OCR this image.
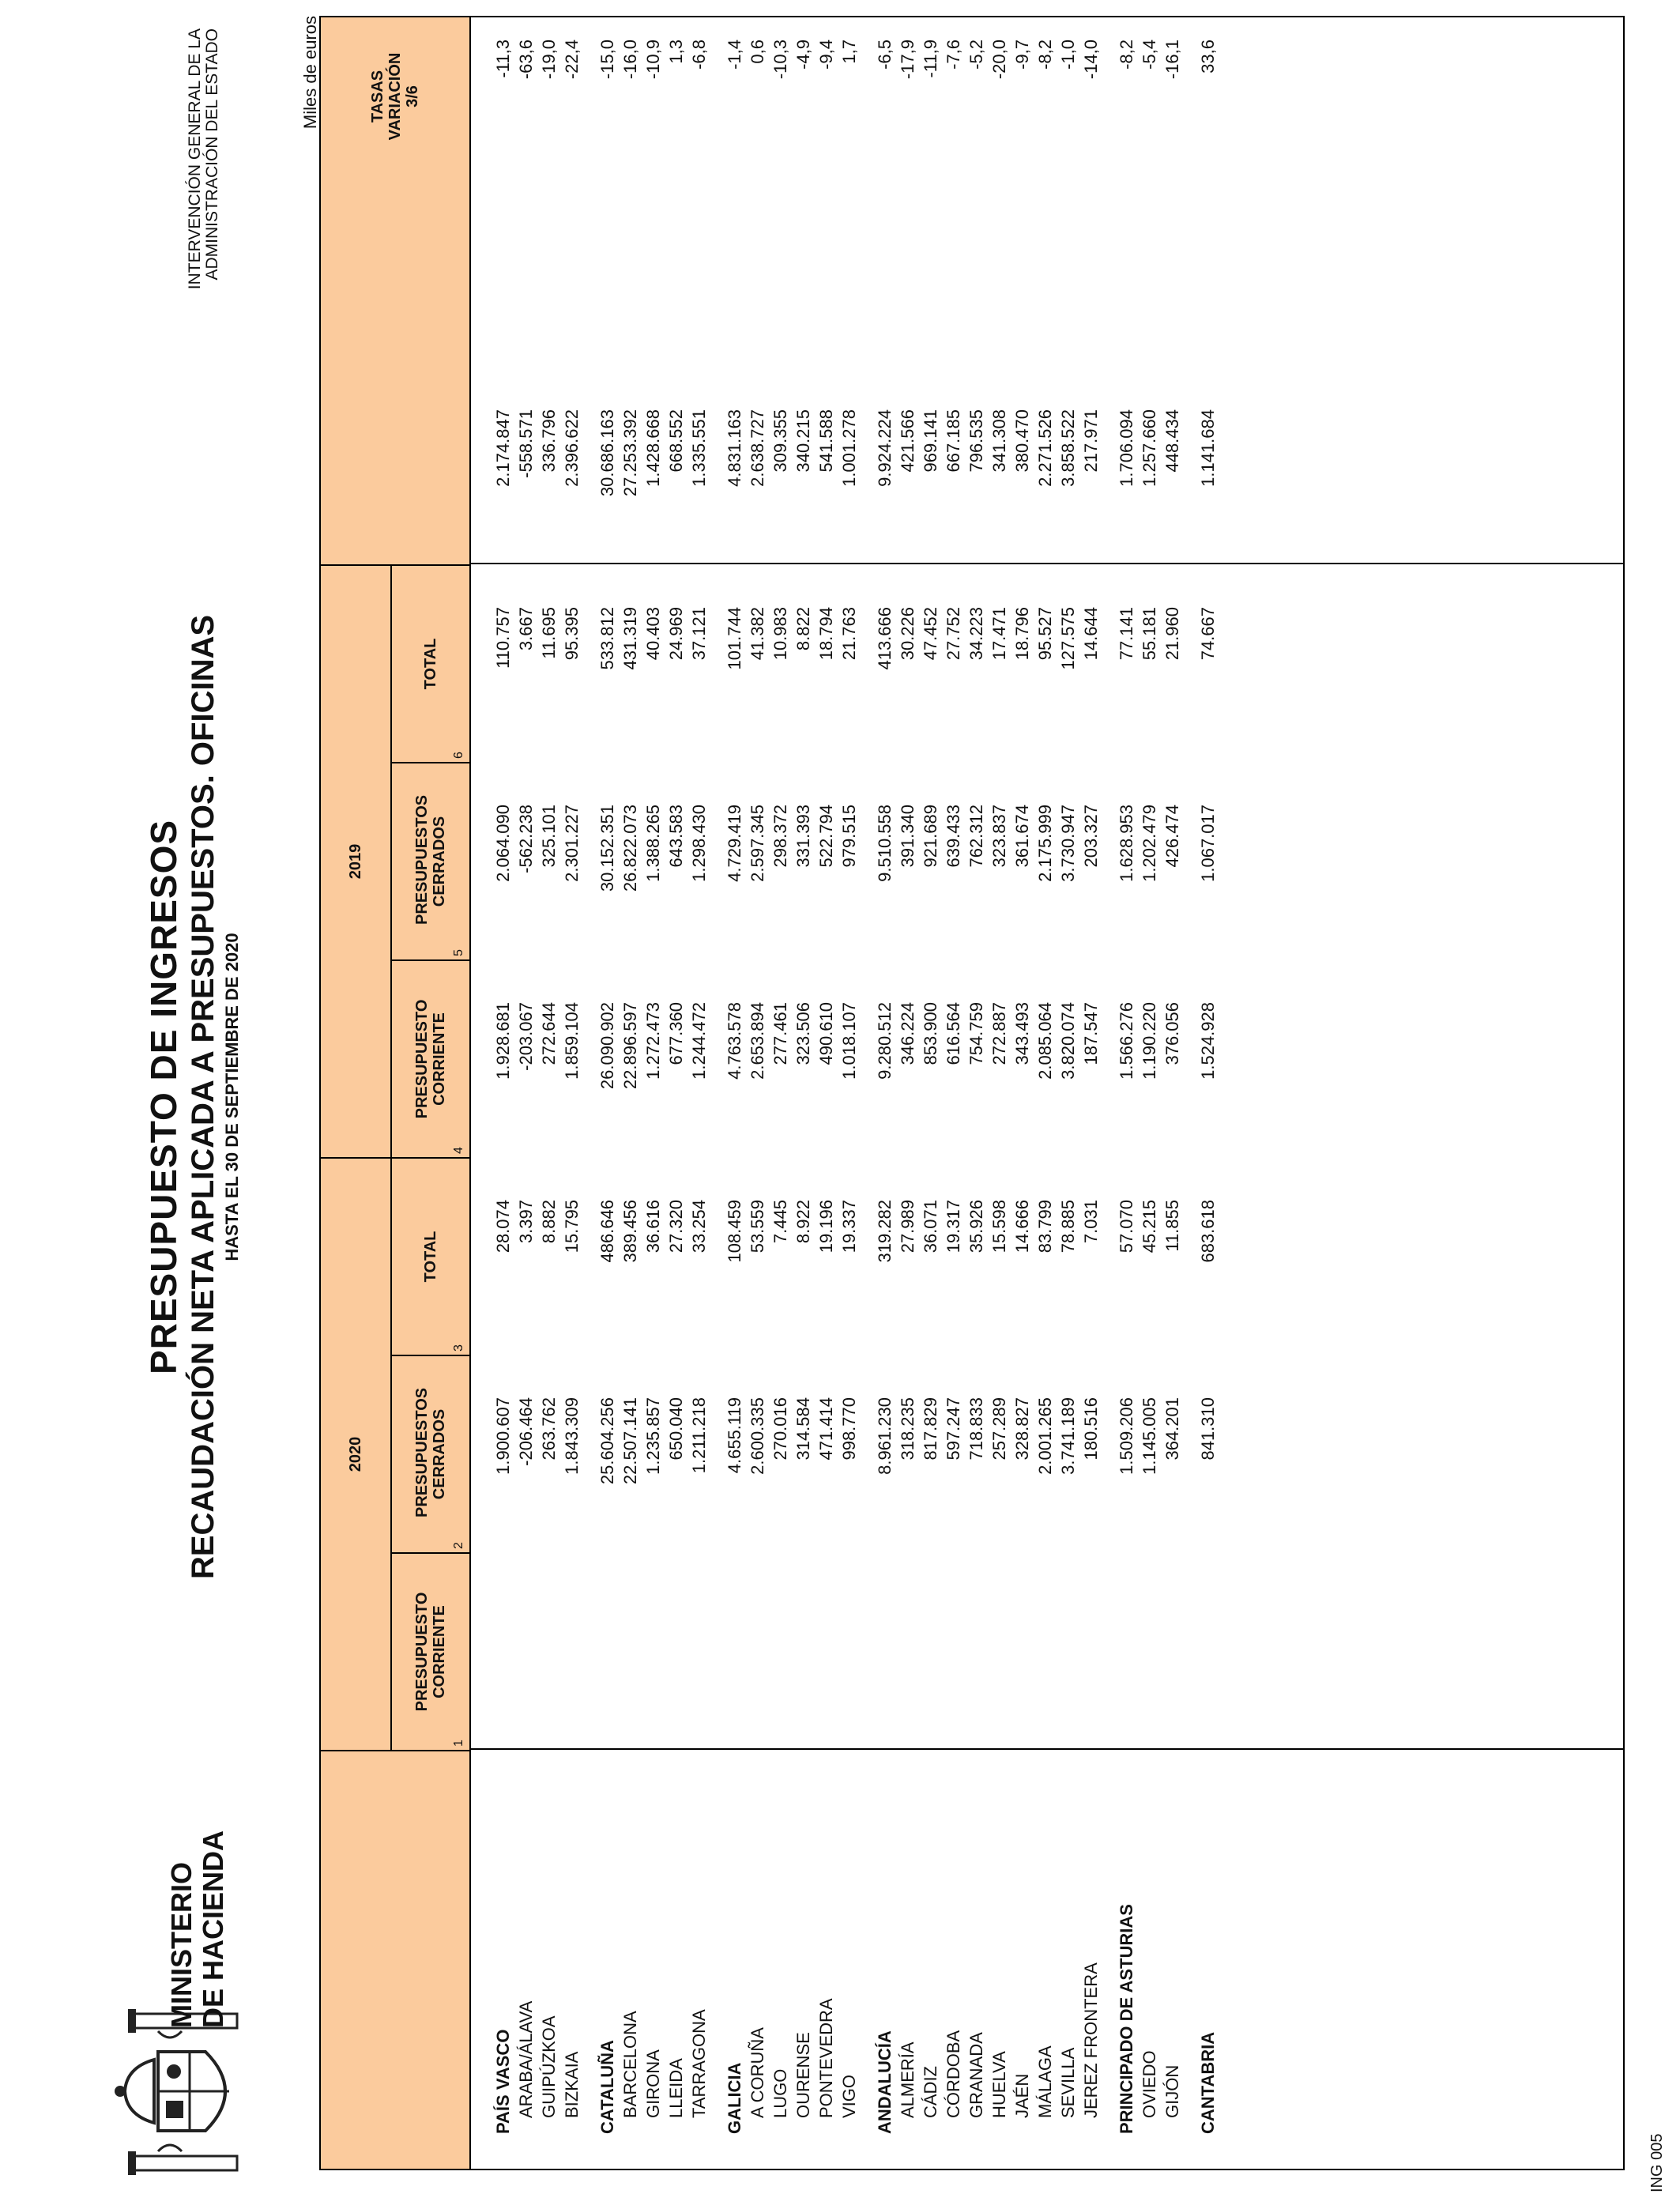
MINISTERIO DE HACIENDA
PRESUPUESTO DE INGRESOS RECAUDACIÓN NETA APLICADA A PRESUPUESTOS. OFICINAS HASTA EL 30 DE SEPTIEMBRE DE 2020
INTERVENCIÓN GENERAL DE LA ADMINISTRACIÓN DEL ESTADO	Miles de euros
2020
2019
TASAS VARIACIÓN 3/6
PRESUPUESTO CORRIENTE
PRESUPUESTOS CERRADOS
TOTAL
PRESUPUESTO CORRIENTE
PRESUPUESTOS CERRADOS
TOTAL
1
2
3
4
5
6
PAÍS VASCO
1.900.607
28.074
1.928.681
2.064.090
110.757
2.174.847
-11,3
ARABA/ÁLAVA
-206.464
3.397
-203.067
-562.238
3.667
-558.571
-63,6
GUIPÚZKOA
263.762
8.882
272.644
325.101
11.695
336.796
-19,0
BIZKAIA
1.843.309
15.795
1.859.104
2.301.227
95.395
2.396.622
-22,4
CATALUÑA
25.604.256
486.646
26.090.902
30.152.351
533.812
30.686.163
-15,0
BARCELONA
22.507.141
389.456
22.896.597
26.822.073
431.319
27.253.392
-16,0
GIRONA
1.235.857
36.616
1.272.473
1.388.265
40.403
1.428.668
-10,9
LLEIDA
650.040
27.320
677.360
643.583
24.969
668.552
1,3
TARRAGONA
1.211.218
33.254
1.244.472
1.298.430
37.121
1.335.551
-6,8
GALICIA
4.655.119
108.459
4.763.578
4.729.419
101.744
4.831.163
-1,4
A CORUÑA
2.600.335
53.559
2.653.894
2.597.345
41.382
2.638.727
0,6
LUGO
270.016
7.445
277.461
298.372
10.983
309.355
-10,3
OURENSE
314.584
8.922
323.506
331.393
8.822
340.215
-4,9
PONTEVEDRA
471.414
19.196
490.610
522.794
18.794
541.588
-9,4
VIGO
998.770
19.337
1.018.107
979.515
21.763
1.001.278
1,7
ANDALUCÍA
8.961.230
319.282
9.280.512
9.510.558
413.666
9.924.224
-6,5
ALMERÍA
318.235
27.989
346.224
391.340
30.226
421.566
-17,9
CÁDIZ
817.829
36.071
853.900
921.689
47.452
969.141
-11,9
CÓRDOBA
597.247
19.317
616.564
639.433
27.752
667.185
-7,6
GRANADA
718.833
35.926
754.759
762.312
34.223
796.535
-5,2
HUELVA
257.289
15.598
272.887
323.837
17.471
341.308
-20,0
JAÉN
328.827
14.666
343.493
361.674
18.796
380.470
-9,7
MÁLAGA
2.001.265
83.799
2.085.064
2.175.999
95.527
2.271.526
-8,2
SEVILLA
3.741.189
78.885
3.820.074
3.730.947
127.575
3.858.522
-1,0
JEREZ FRONTERA
180.516
7.031
187.547
203.327
14.644
217.971
-14,0
PRINCIPADO DE ASTURIAS
1.509.206
57.070
1.566.276
1.628.953
77.141
1.706.094
-8,2
OVIEDO
1.145.005
45.215
1.190.220
1.202.479
55.181
1.257.660
-5,4
GIJÓN
364.201
11.855
376.056
426.474
21.960
448.434
-16,1
CANTABRIA
841.310
683.618
1.524.928
1.067.017
74.667
1.141.684
33,6
ING 005
